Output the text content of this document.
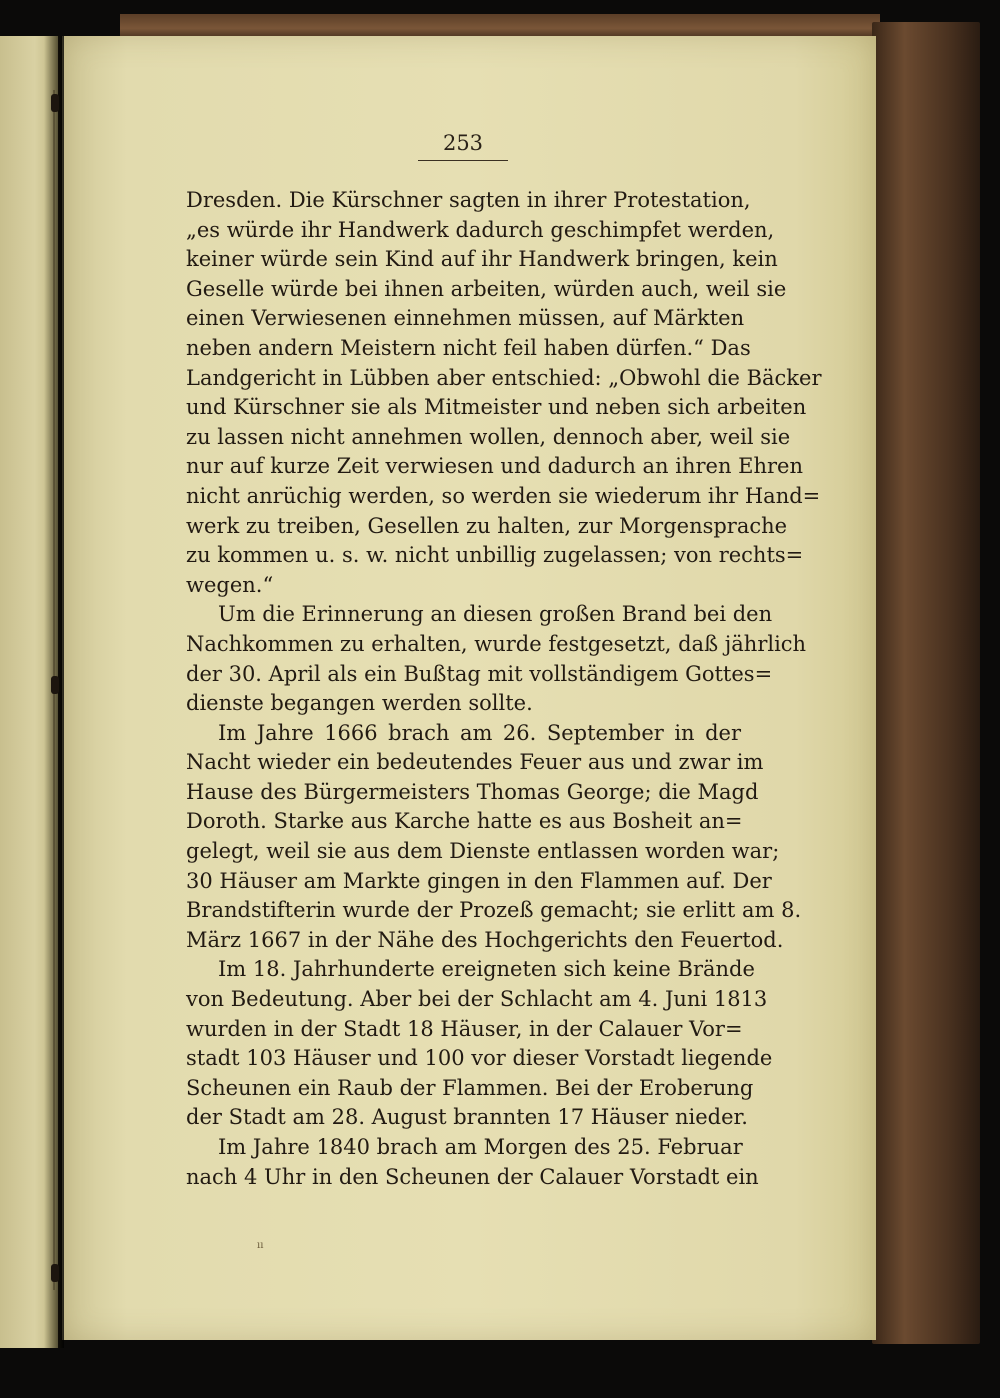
253
Dresden. Die Kürschner sagten in ihrer Protestation,
„es würde ihr Handwerk dadurch geschimpfet werden,
keiner würde sein Kind auf ihr Handwerk bringen, kein
Geselle würde bei ihnen arbeiten, würden auch, weil sie
einen Verwiesenen einnehmen müssen, auf Märkten
neben andern Meistern nicht feil haben dürfen.“ Das
Landgericht in Lübben aber entschied: „Obwohl die Bäcker
und Kürschner sie als Mitmeister und neben sich arbeiten
zu lassen nicht annehmen wollen, dennoch aber, weil sie
nur auf kurze Zeit verwiesen und dadurch an ihren Ehren
nicht anrüchig werden, so werden sie wiederum ihr Hand=
werk zu treiben, Gesellen zu halten, zur Morgensprache
zu kommen u. s. w. nicht unbillig zugelassen; von rechts=
wegen.“
Um die Erinnerung an diesen großen Brand bei den
Nachkommen zu erhalten, wurde festgesetzt, daß jährlich
der 30. April als ein Bußtag mit vollständigem Gottes=
dienste begangen werden sollte.
Im Jahre 1666 brach am 26. September in der
Nacht wieder ein bedeutendes Feuer aus und zwar im
Hause des Bürgermeisters Thomas George; die Magd
Doroth. Starke aus Karche hatte es aus Bosheit an=
gelegt, weil sie aus dem Dienste entlassen worden war;
30 Häuser am Markte gingen in den Flammen auf. Der
Brandstifterin wurde der Prozeß gemacht; sie erlitt am 8.
März 1667 in der Nähe des Hochgerichts den Feuertod.
Im 18. Jahrhunderte ereigneten sich keine Brände
von Bedeutung. Aber bei der Schlacht am 4. Juni 1813
wurden in der Stadt 18 Häuser, in der Calauer Vor=
stadt 103 Häuser und 100 vor dieser Vorstadt liegende
Scheunen ein Raub der Flammen. Bei der Eroberung
der Stadt am 28. August brannten 17 Häuser nieder.
Im Jahre 1840 brach am Morgen des 25. Februar
nach 4 Uhr in den Scheunen der Calauer Vorstadt ein
ıı
